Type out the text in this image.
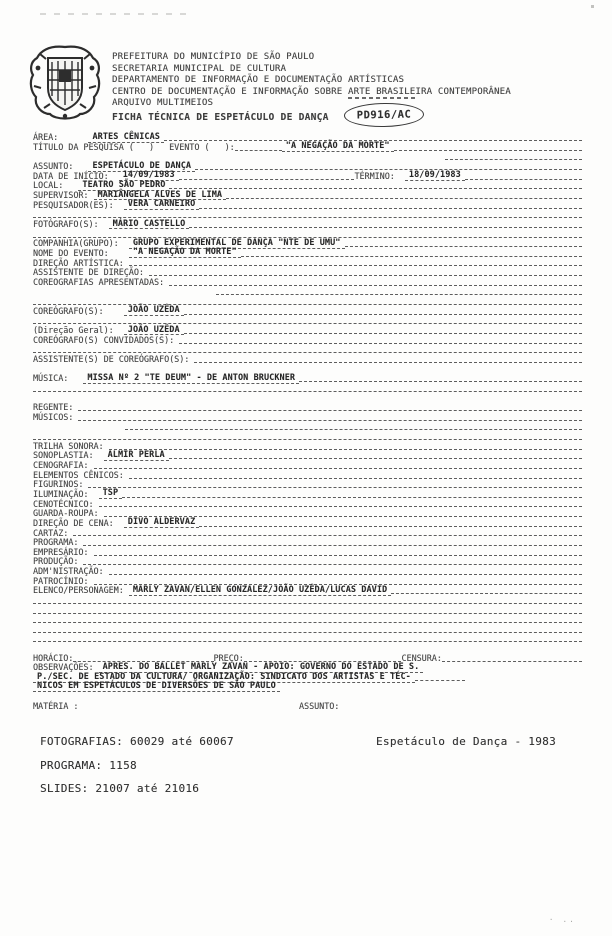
PREFEITURA DO MUNICÍPIO DE SÃO PAULO
SECRETARIA MUNICIPAL DE CULTURA
DEPARTAMENTO DE INFORMAÇÃO E DOCUMENTAÇÃO ARTÍSTICAS
CENTRO DE DOCUMENTAÇÃO E INFORMAÇÃO SOBRE ARTE BRASILEIRA CONTEMPORÂNEA
ARQUIVO MULTIMEIOS
FICHA TÉCNICA DE ESPETÁCULO DE DANÇA	PD916/AC
ÁREA: ARTES CÊNICAS
TÍTULO DA PESQUISA (   )   EVENTO (   ):	"A NEGAÇÃO DA MORTE"
ASSUNTO: ESPETÁCULO DE DANÇA
DATA DE INÍCIO: 14/09/1983	TÉRMINO: 18/09/1983
LOCAL: TEATRO SÃO PEDRO
SUPERVISOR: MARIÂNGELA ALVES DE LIMA
PESQUISADOR(ES): VERA CARNEIRO
FOTÓGRAFO(S): MÁRIO CASTELLO
COMPANHIA(GRUPO): GRUPO EXPERIMENTAL DE DANÇA "NTE DE UMU"
NOME DO EVENTO: "A NEGAÇÃO DA MORTE"
DIREÇÃO ARTÍSTICA:
ASSISTENTE DE DIREÇÃO:
COREOGRAFIAS APRESENTADAS:
COREÓGRAFO(S): JOÃO UZÊDA
(Direção Geral): JOÃO UZÊDA
COREÓGRAFO(S) CONVIDADOS(S):
ASSISTENTE(S) DE COREÓGRAFO(S):
MÚSICA: MISSA Nº 2 "TE DEUM" - DE ANTON BRUCKNER
REGENTE:
MÚSICOS:
TRILHA SONORA:
SONOPLASTIA: ALMIR PERLA
CENOGRAFIA:
ELEMENTOS CÊNICOS:
FIGURINOS:
ILUMINAÇÃO: TSP
CENOTÉCNICO:
GUARDA-ROUPA:
DIREÇÃO DE CENA: DIVO ALDERVAZ
CARTAZ:
PROGRAMA:
EMPRESÁRIO:
PRODUÇÃO:
ADM'NISTRAÇÃO:
PATROCÍNIO:
ELENCO/PERSONAGEM: MARLY ZAVAN/ELLEN GONZALEZ/JOÃO UZÊDA/LUCAS DAVID
HORÁCIO:	PREÇO:	CENSURA:
OBSERVAÇÕES: APRES. DO BALLET MARLY ZAVAN - APOIO: GOVERNO DO ESTADO DE S.
P./SEC. DE ESTADO DA CULTURA/ ORGANIZAÇÃO: SINDICATO DOS ARTISTAS E TÉC-
NICOS EM ESPETÁCULOS DE DIVERSÕES DE SÃO PAULO
MATÉRIA :	ASSUNTO:
FOTOGRAFIAS: 60029 até 60067	Espetáculo de Dança - 1983
PROGRAMA: 1158
SLIDES: 21007 até 21016
· ..
